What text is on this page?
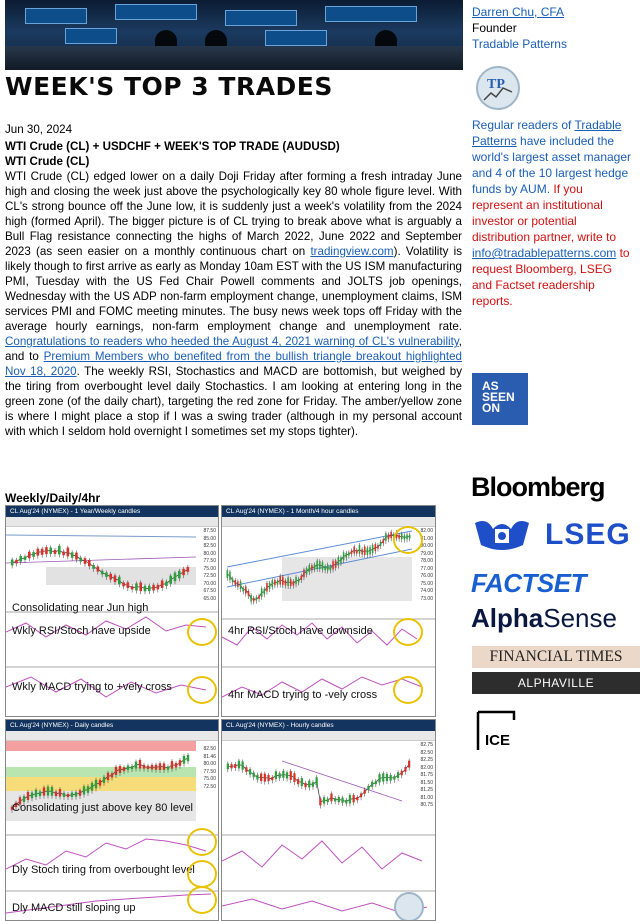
WEEK'S TOP 3 TRADES

Jun 30, 2024

WTI Crude (CL) + USDCHF + WEEK'S TOP TRADE (AUDUSD)

WTI Crude (CL)

WTI Crude (CL) edged lower on a daily Doji Friday after forming a fresh intraday June high and closing the week just above the psychologically key 80 whole figure level. With CL's strong bounce off the June low, it is suddenly just a week's volatility from the 2024 high (formed April). The bigger picture is of CL trying to break above what is arguably a Bull Flag resistance connecting the highs of March 2022, June 2022 and September 2023 (as seen easier on a monthly continuous chart on tradingview.com). Volatility is likely though to first arrive as early as Monday 10am EST with the US ISM manufacturing PMI, Tuesday with the US Fed Chair Powell comments and JOLTS job openings, Wednesday with the US ADP non-farm employment change, unemployment claims, ISM services PMI and FOMC meeting minutes. The busy news week tops off Friday with the average hourly earnings, non-farm employment change and unemployment rate. Congratulations to readers who heeded the August 4, 2021 warning of CL's vulnerability, and to Premium Members who benefited from the bullish triangle breakout highlighted Nov 18, 2020. The weekly RSI, Stochastics and MACD are bottomish, but weighed by the tiring from overbought level daily Stochastics. I am looking at entering long in the green zone (of the daily chart), targeting the red zone for Friday. The amber/yellow zone is where I might place a stop if I was a swing trader (although in my personal account with which I seldom hold overnight I sometimes set my stops tighter).

Darren Chu, CFA
Founder
Tradable Patterns
TP
Regular readers of Tradable Patterns have included the world's largest asset manager and 4 of the 10 largest hedge funds by AUM. If you represent an institutional investor or potential distribution partner, write to
info@tradablepatterns.com to request Bloomberg, LSEG and Factset readership reports.
AS
SEEN
ON
Bloomberg
LSEG
FACTSET
AlphaSense
FINANCIAL TIMES
ALPHAVILLE
ICE
Weekly/Daily/4hr
CL Aug'24 (NYMEX) - 1 Year/Weekly candles
87.50
85.00
82.50
80.00
77.50
75.00
72.50
70.00
67.50
65.00
Consolidating near Jun high
Wkly RSI/Stoch have upside
Wkly MACD trying to +vely cross
CL Aug'24 (NYMEX) - 1 Month/4 hour candles
82.00
81.00
80.00
79.00
78.00
77.00
76.00
75.00
74.00
73.00
4hr RSI/Stoch have downside
4hr MACD trying to -vely cross
CL Aug'24 (NYMEX) - Daily candles
82.50
81.46
80.00
77.50
75.00
72.50
Consolidating just above key 80 level
Dly Stoch tiring from overbought level
Dly MACD still sloping up
CL Aug'24 (NYMEX) - Hourly candles
82.75
82.50
82.25
82.00
81.75
81.50
81.25
81.00
80.75
